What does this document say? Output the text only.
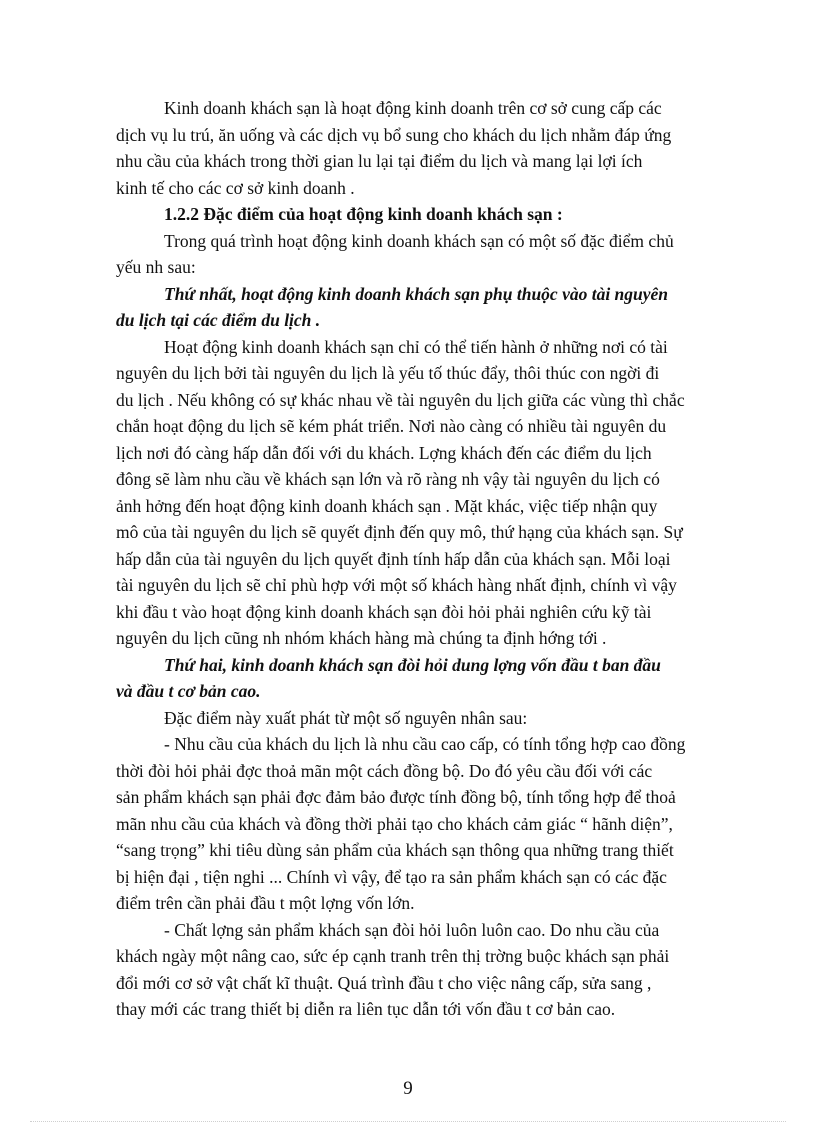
Kinh doanh khách sạn là hoạt động kinh doanh trên cơ sở cung cấp các
dịch vụ lu trú, ăn uống và các dịch vụ bổ sung cho khách du lịch nhằm đáp ứng
nhu cầu của khách trong thời gian lu lại tại điểm du lịch và mang lại lợi ích
kinh tế cho các cơ sở kinh doanh .

1.2.2 Đặc điểm của hoạt động kinh doanh khách sạn :

Trong quá trình hoạt động kinh doanh khách sạn có một số đặc điểm chủ
yếu nh sau:

Thứ nhất, hoạt động kinh doanh khách sạn phụ thuộc vào tài nguyên
du lịch tại các điểm du lịch .

Hoạt động kinh doanh khách sạn chỉ có thể tiến hành ở những nơi có tài
nguyên du lịch bởi tài nguyên du lịch là yếu tố thúc đẩy, thôi thúc con ngời đi
du lịch . Nếu không có sự khác nhau về tài nguyên du lịch giữa các vùng thì chắc
chắn hoạt động du lịch sẽ kém phát triển. Nơi nào càng có nhiều tài nguyên du
lịch nơi đó càng hấp dẫn đối với du khách. Lợng khách đến các điểm du lịch
đông sẽ làm nhu cầu về khách sạn lớn và rõ ràng nh vậy tài nguyên du lịch có
ảnh hởng đến hoạt động kinh doanh khách sạn . Mặt khác, việc tiếp nhận quy
mô của tài nguyên du lịch sẽ quyết định đến quy mô, thứ hạng của khách sạn. Sự
hấp dẫn của tài nguyên du lịch quyết định tính hấp dẫn của khách sạn. Mỗi loại
tài nguyên du lịch sẽ chỉ phù hợp với một số khách hàng nhất định, chính vì vậy
khi đầu t vào hoạt động kinh doanh khách sạn đòi hỏi phải nghiên cứu kỹ tài
nguyên du lịch cũng nh nhóm khách hàng mà chúng ta định hớng tới .

Thứ hai, kinh doanh khách sạn đòi hỏi dung lợng vốn đầu t ban đầu
và đầu t cơ bản cao.

Đặc điểm này xuất phát từ một số nguyên nhân sau:
- Nhu cầu của khách du lịch là nhu cầu cao cấp, có tính tổng hợp cao đồng
thời đòi hỏi phải đợc thoả mãn một cách đồng bộ. Do đó yêu cầu đối với các
sản phẩm khách sạn phải đợc đảm bảo được tính đồng bộ, tính tổng hợp để thoả
mãn nhu cầu của khách và đồng thời phải tạo cho khách cảm giác “ hãnh diện”,
“sang trọng” khi tiêu dùng sản phẩm của khách sạn thông qua những trang thiết
bị hiện đại , tiện nghi ... Chính vì vậy, để tạo ra sản phẩm khách sạn có các đặc
điểm trên cần phải đầu t một lợng vốn lớn.
- Chất lợng sản phẩm khách sạn đòi hỏi luôn luôn cao. Do nhu cầu của
khách ngày một nâng cao, sức ép cạnh tranh trên thị trờng buộc khách sạn phải
đổi mới cơ sở vật chất kĩ thuật. Quá trình đầu t cho việc nâng cấp, sửa sang ,
thay mới các trang thiết bị diễn ra liên tục dẫn tới vốn đầu t cơ bản cao.

9
